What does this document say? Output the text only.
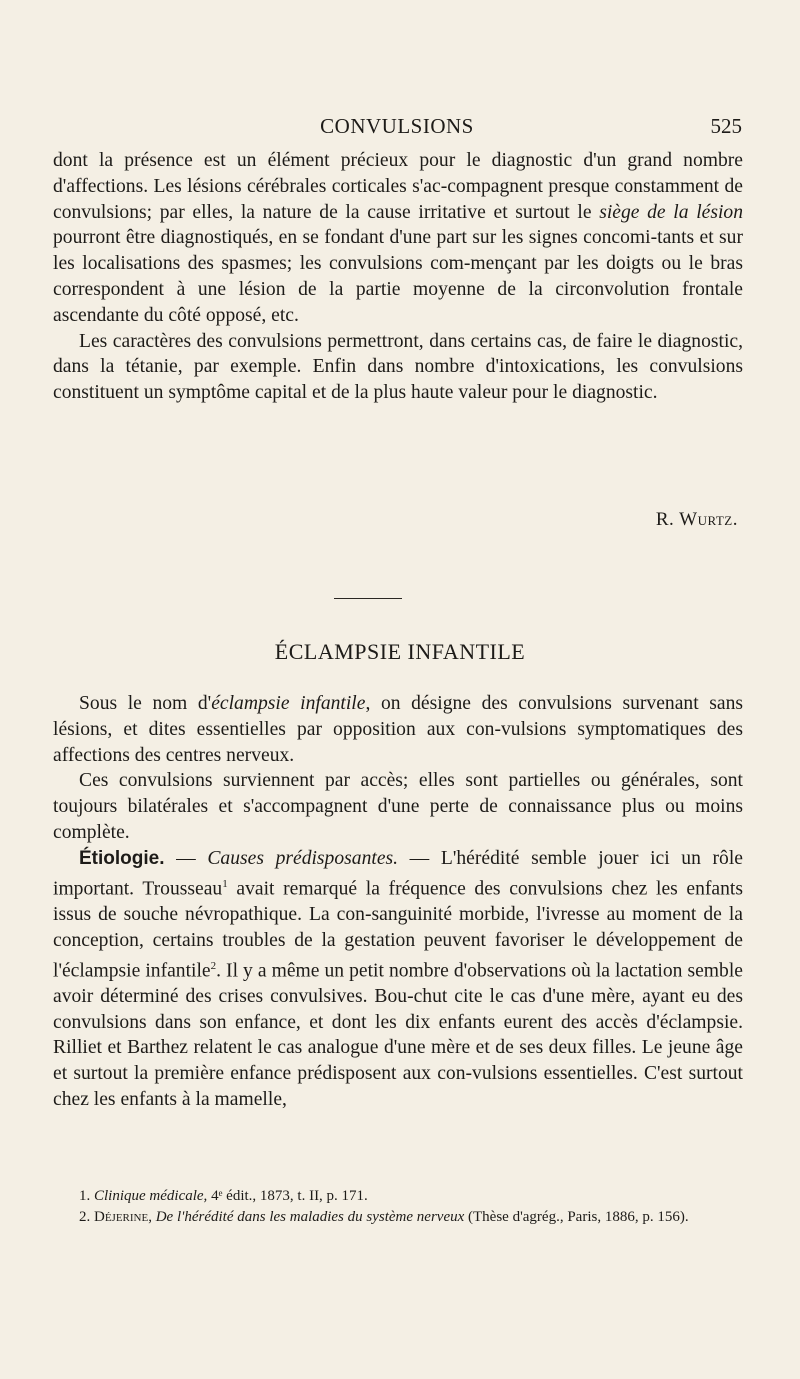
CONVULSIONS	525

dont la présence est un élément précieux pour le diagnostic d'un grand nombre d'affections. Les lésions cérébrales corticales s'ac-compagnent presque constamment de convulsions; par elles, la nature de la cause irritative et surtout le siège de la lésion pourront être diagnostiqués, en se fondant d'une part sur les signes concomi-tants et sur les localisations des spasmes; les convulsions com-mençant par les doigts ou le bras correspondent à une lésion de la partie moyenne de la circonvolution frontale ascendante du côté opposé, etc.

Les caractères des convulsions permettront, dans certains cas, de faire le diagnostic, dans la tétanie, par exemple. Enfin dans nombre d'intoxications, les convulsions constituent un symptôme capital et de la plus haute valeur pour le diagnostic.

R. Wurtz.
ÉCLAMPSIE INFANTILE

Sous le nom d'éclampsie infantile, on désigne des convulsions survenant sans lésions, et dites essentielles par opposition aux con-vulsions symptomatiques des affections des centres nerveux.

Ces convulsions surviennent par accès; elles sont partielles ou générales, sont toujours bilatérales et s'accompagnent d'une perte de connaissance plus ou moins complète.

Étiologie. — Causes prédisposantes. — L'hérédité semble jouer ici un rôle important. Trousseau$^1$ avait remarqué la fréquence des convulsions chez les enfants issus de souche névropathique. La con-sanguinité morbide, l'ivresse au moment de la conception, certains troubles de la gestation peuvent favoriser le développement de l'éclampsie infantile$^2$. Il y a même un petit nombre d'observations où la lactation semble avoir déterminé des crises convulsives. Bou-chut cite le cas d'une mère, ayant eu des convulsions dans son enfance, et dont les dix enfants eurent des accès d'éclampsie. Rilliet et Barthez relatent le cas analogue d'une mère et de ses deux filles. Le jeune âge et surtout la première enfance prédisposent aux con-vulsions essentielles. C'est surtout chez les enfants à la mamelle,

1. Clinique médicale, 4ᵉ édit., 1873, t. II, p. 171.

2. Déjerine, De l'hérédité dans les maladies du système nerveux (Thèse d'agrég., Paris, 1886, p. 156).
